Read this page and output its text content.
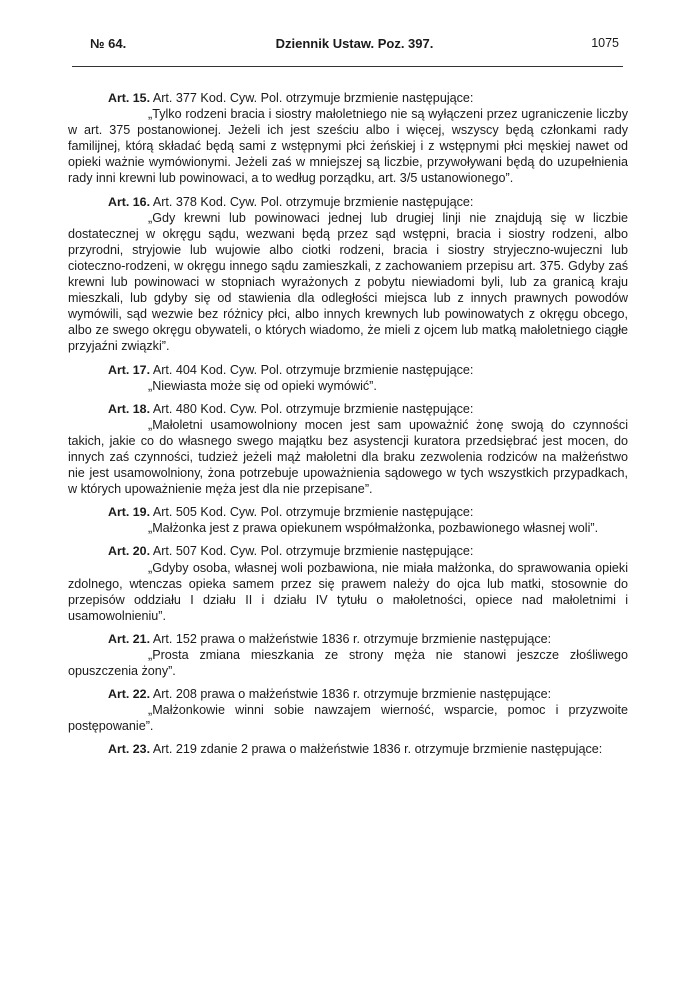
№ 64.	Dziennik Ustaw. Poz. 397.	1075
Art. 15. Art. 377 Kod. Cyw. Pol. otrzymuje brzmienie następujące:
„Tylko rodzeni bracia i siostry małoletniego nie są wyłączeni przez ugraniczenie liczby w art. 375 postanowionej. Jeżeli ich jest sześciu albo i więcej, wszyscy będą członkami rady familijnej, którą składać będą sami z wstępnymi płci żeńskiej i z wstępnymi płci męskiej nawet od opieki ważnie wymówionymi. Jeżeli zaś w mniejszej są liczbie, przywoływani będą do uzupełnienia rady inni krewni lub powinowaci, a to według porządku, art. 3/5 ustanowionego”.
Art. 16. Art. 378 Kod. Cyw. Pol. otrzymuje brzmienie następujące:
„Gdy krewni lub powinowaci jednej lub drugiej linji nie znajdują się w liczbie dostatecznej w okręgu sądu, wezwani będą przez sąd wstępni, bracia i siostry rodzeni, albo przyrodni, stryjowie lub wujowie albo ciotki rodzeni, bracia i siostry stryjeczno-wujeczni lub cioteczno-rodzeni, w okręgu innego sądu zamieszkali, z zachowaniem przepisu art. 375. Gdyby zaś krewni lub powinowaci w stopniach wyrażonych z pobytu niewiadomi byli, lub za granicą kraju mieszkali, lub gdyby się od stawienia dla odległości miejsca lub z innych prawnych powodów wymówili, sąd wezwie bez różnicy płci, albo innych krewnych lub powinowatych z okręgu obcego, albo ze swego okręgu obywateli, o których wiadomo, że mieli z ojcem lub matką małoletniego ciągłe przyjaźni związki”.
Art. 17. Art. 404 Kod. Cyw. Pol. otrzymuje brzmienie następujące:
„Niewiasta może się od opieki wymówić”.
Art. 18. Art. 480 Kod. Cyw. Pol. otrzymuje brzmienie następujące:
„Małoletni usamowolniony mocen jest sam upoważnić żonę swoją do czynności takich, jakie co do własnego swego majątku bez asystencji kuratora przedsiębrać jest mocen, do innych zaś czynności, tudzież jeżeli mąż małoletni dla braku zezwolenia rodziców na małżeństwo nie jest usamowolniony, żona potrzebuje upoważnienia sądowego w tych wszystkich przypadkach, w których upoważnienie męża jest dla nie przepisane”.
Art. 19. Art. 505 Kod. Cyw. Pol. otrzymuje brzmienie następujące:
„Małżonka jest z prawa opiekunem współmałżonka, pozbawionego własnej woli”.
Art. 20. Art. 507 Kod. Cyw. Pol. otrzymuje brzmienie następujące:
„Gdyby osoba, własnej woli pozbawiona, nie miała małżonka, do sprawowania opieki zdolnego, wtenczas opieka samem przez się prawem należy do ojca lub matki, stosownie do przepisów oddziału I działu II i działu IV tytułu o małoletności, opiece nad małoletnimi i usamowolnieniu”.
Art. 21. Art. 152 prawa o małżeństwie 1836 r. otrzymuje brzmienie następujące:
„Prosta zmiana mieszkania ze strony męża nie stanowi jeszcze złośliwego opuszczenia żony”.
Art. 22. Art. 208 prawa o małżeństwie 1836 r. otrzymuje brzmienie następujące:
„Małżonkowie winni sobie nawzajem wierność, wsparcie, pomoc i przyzwoite postępowanie”.
Art. 23. Art. 219 zdanie 2 prawa o małżeństwie 1836 r. otrzymuje brzmienie następujące:
